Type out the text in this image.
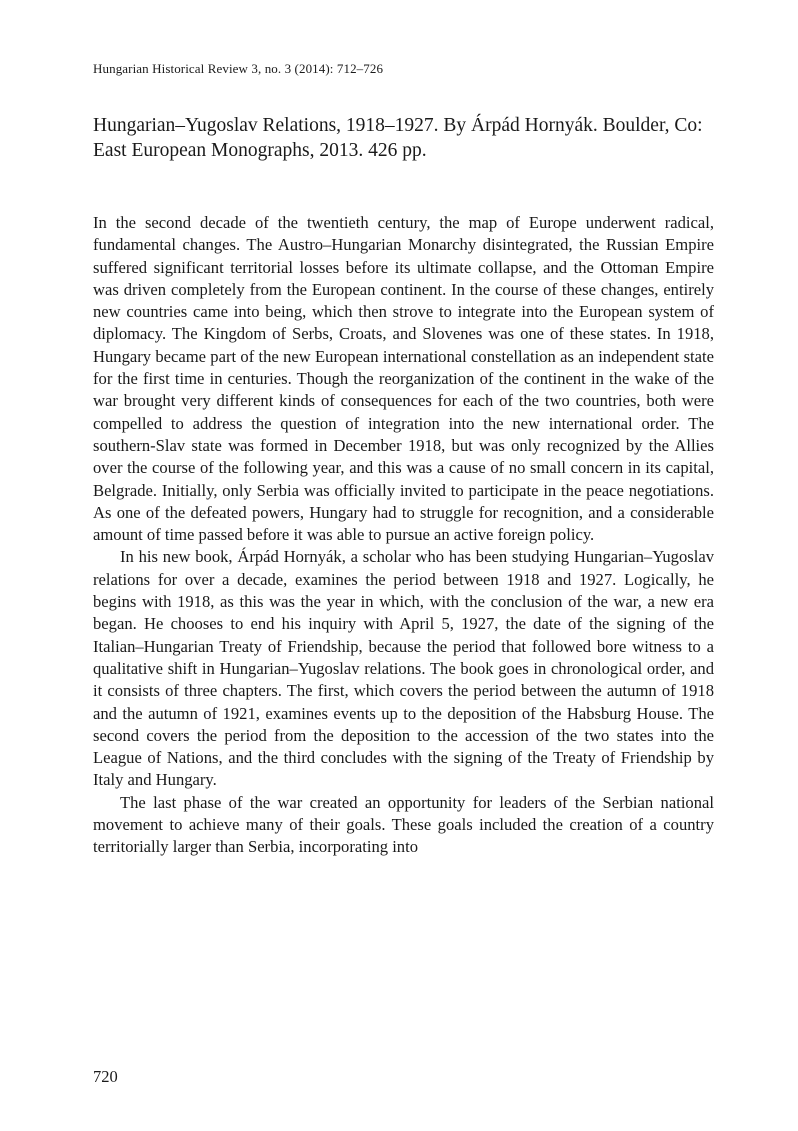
Hungarian Historical Review 3, no. 3 (2014): 712–726
Hungarian–Yugoslav Relations, 1918–1927. By Árpád Hornyák. Boulder, Co: East European Monographs, 2013. 426 pp.

In the second decade of the twentieth century, the map of Europe underwent radical, fundamental changes. The Austro–Hungarian Monarchy disintegrated, the Russian Empire suffered significant territorial losses before its ultimate collapse, and the Ottoman Empire was driven completely from the European continent. In the course of these changes, entirely new countries came into being, which then strove to integrate into the European system of diplomacy. The Kingdom of Serbs, Croats, and Slovenes was one of these states. In 1918, Hungary became part of the new European international constellation as an independent state for the first time in centuries. Though the reorganization of the continent in the wake of the war brought very different kinds of consequences for each of the two countries, both were compelled to address the question of integration into the new international order. The southern-Slav state was formed in December 1918, but was only recognized by the Allies over the course of the following year, and this was a cause of no small concern in its capital, Belgrade. Initially, only Serbia was officially invited to participate in the peace negotiations. As one of the defeated powers, Hungary had to struggle for recognition, and a considerable amount of time passed before it was able to pursue an active foreign policy.

In his new book, Árpád Hornyák, a scholar who has been studying Hungarian–Yugoslav relations for over a decade, examines the period between 1918 and 1927. Logically, he begins with 1918, as this was the year in which, with the conclusion of the war, a new era began. He chooses to end his inquiry with April 5, 1927, the date of the signing of the Italian–Hungarian Treaty of Friendship, because the period that followed bore witness to a qualitative shift in Hungarian–Yugoslav relations. The book goes in chronological order, and it consists of three chapters. The first, which covers the period between the autumn of 1918 and the autumn of 1921, examines events up to the deposition of the Habsburg House. The second covers the period from the deposition to the accession of the two states into the League of Nations, and the third concludes with the signing of the Treaty of Friendship by Italy and Hungary.

The last phase of the war created an opportunity for leaders of the Serbian national movement to achieve many of their goals. These goals included the creation of a country territorially larger than Serbia, incorporating into

720
